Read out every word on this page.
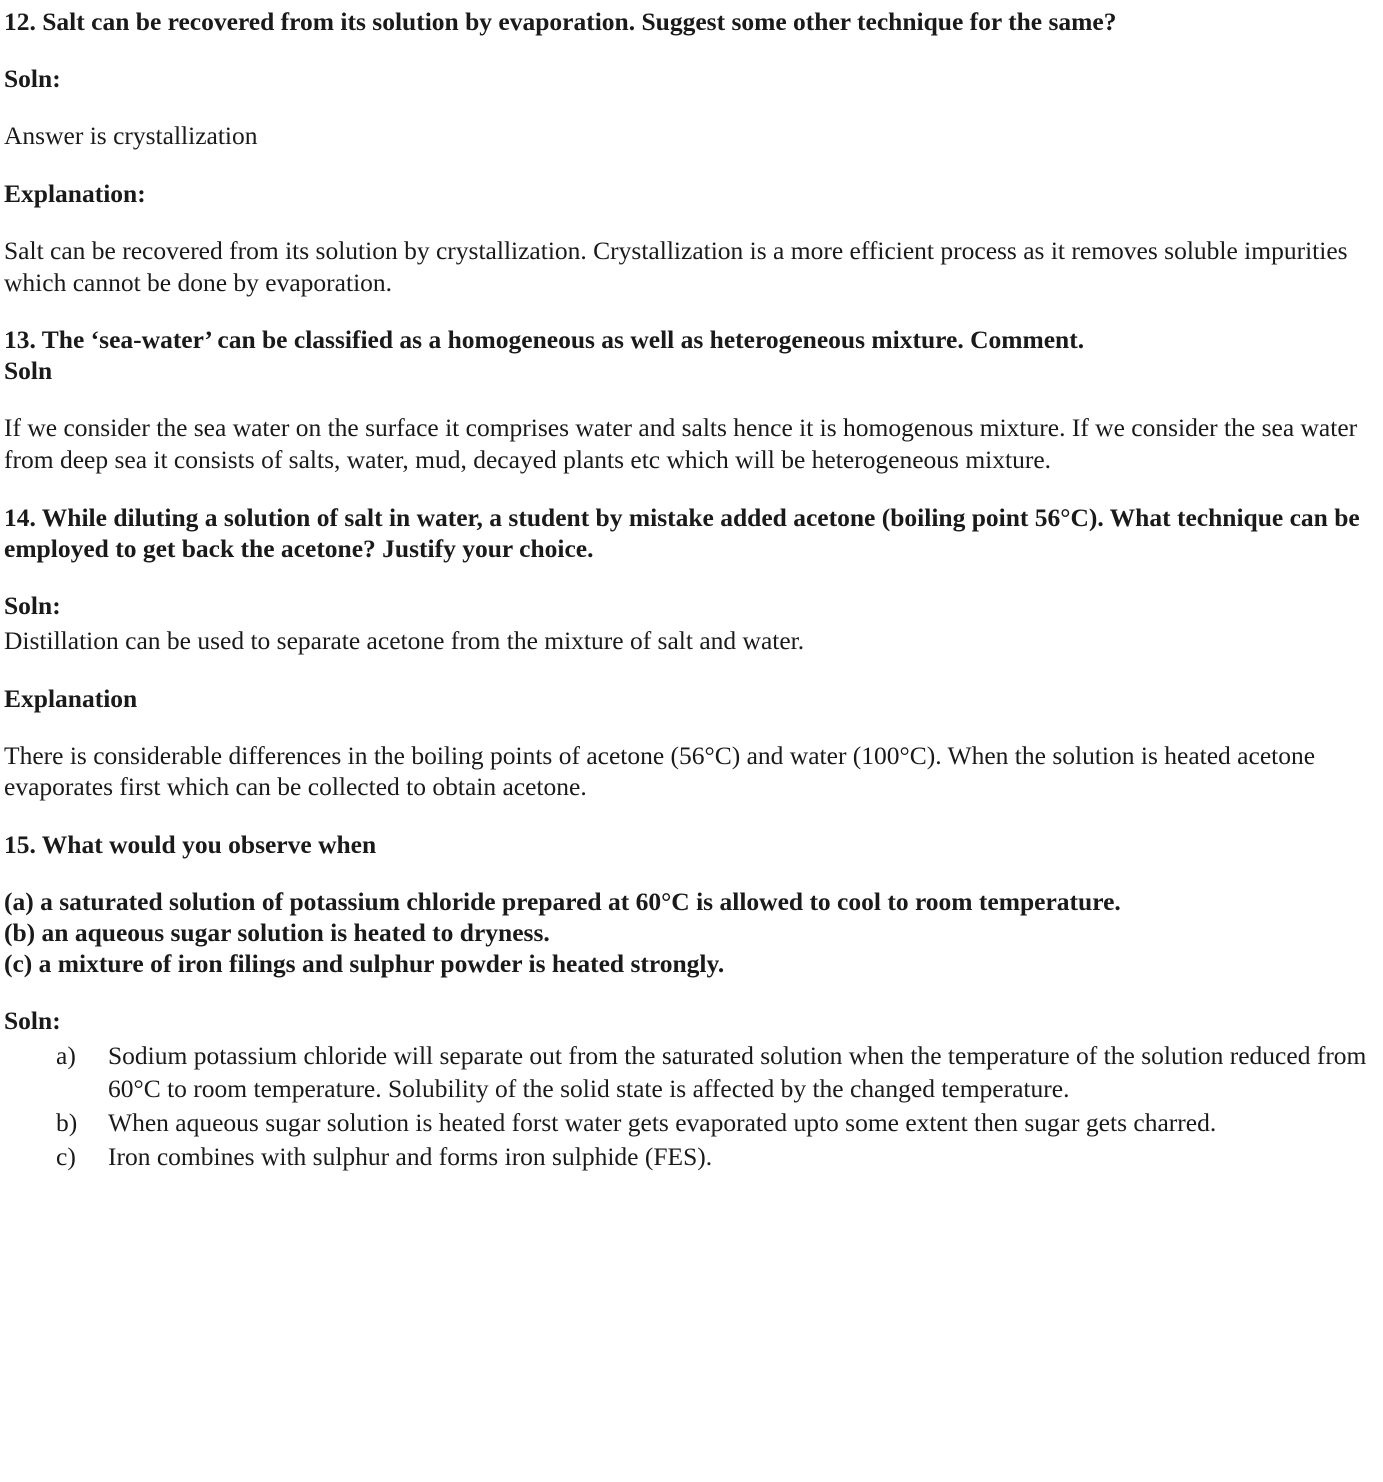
12. Salt can be recovered from its solution by evaporation. Suggest some other technique for the same?

Soln:

Answer is crystallization

Explanation:

Salt can be recovered from its solution by crystallization. Crystallization is a more efficient process as it removes soluble impurities which cannot be done by evaporation.

13. The ‘sea-water’ can be classified as a homogeneous as well as heterogeneous mixture. Comment.

Soln

If we consider the sea water on the surface it comprises water and salts hence it is homogenous mixture. If we consider the sea water from deep sea it consists of salts, water, mud, decayed plants etc which will be heterogeneous mixture.

14. While diluting a solution of salt in water, a student by mistake added acetone (boiling point 56°C). What technique can be employed to get back the acetone? Justify your choice.

Soln:

Distillation can be used to separate acetone from the mixture of salt and water.

Explanation

There is considerable differences in the boiling points of acetone (56°C) and water (100°C). When the solution is heated acetone evaporates first which can be collected to obtain acetone.

15. What would you observe when

(a) a saturated solution of potassium chloride prepared at 60°C is allowed to cool to room temperature.

(b) an aqueous sugar solution is heated to dryness.

(c) a mixture of iron filings and sulphur powder is heated strongly.

Soln:

a)	Sodium potassium chloride will separate out from the saturated solution when the temperature of the solution reduced from 60°C to room temperature. Solubility of the solid state is affected by the changed temperature.
b)	When aqueous sugar solution is heated forst water gets evaporated upto some extent then sugar gets charred.
c)	Iron combines with sulphur and forms iron sulphide (FES).
